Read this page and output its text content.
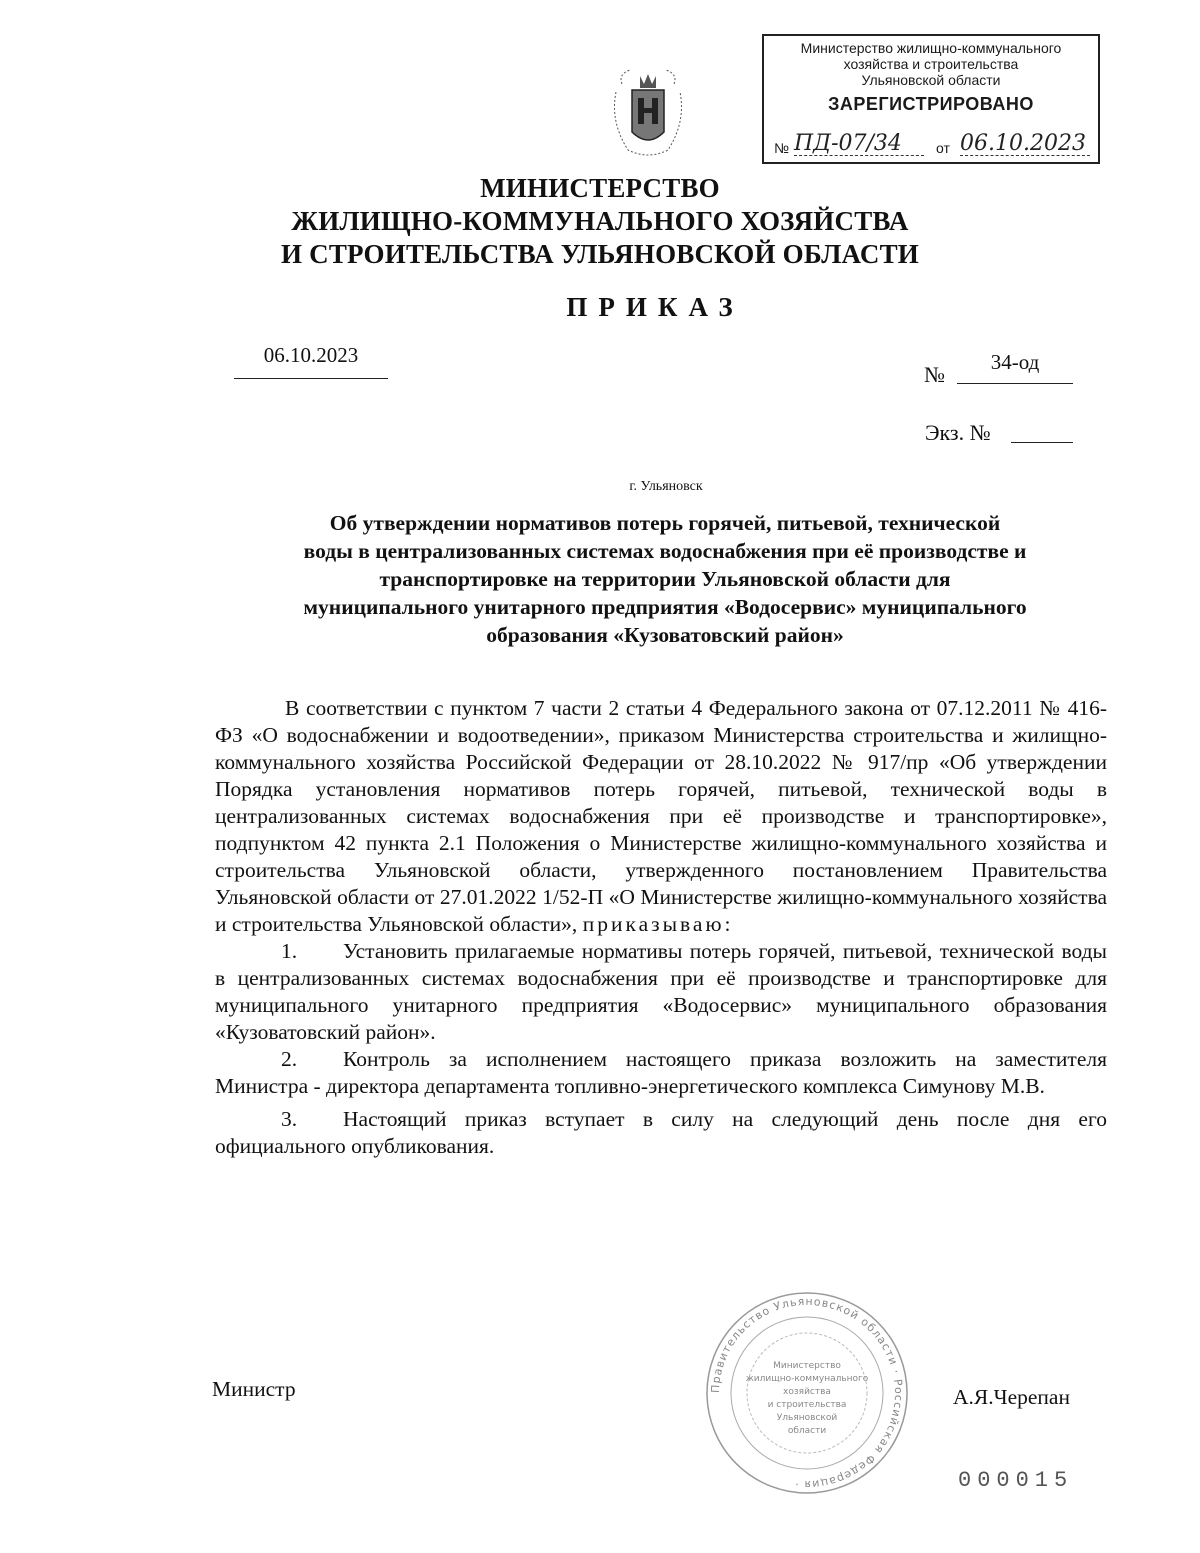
Министерство жилищно-коммунального
хозяйства и строительства
Ульяновской области
ЗАРЕГИСТРИРОВАНО
№ ПД-07/34	от 06.10.2023
МИНИСТЕРСТВО
ЖИЛИЩНО-КОММУНАЛЬНОГО ХОЗЯЙСТВА
И СТРОИТЕЛЬСТВА УЛЬЯНОВСКОЙ ОБЛАСТИ
ПРИКАЗ
06.10.2023
№	34-од
Экз. №
г. Ульяновск
Об утверждении нормативов потерь горячей, питьевой, технической
воды в централизованных системах водоснабжения при её производстве и
транспортировке на территории Ульяновской области для
муниципального унитарного предприятия «Водосервис» муниципального
образования «Кузоватовский район»

В соответствии с пунктом 7 части 2 статьи 4 Федерального закона от 07.12.2011 № 416-ФЗ «О водоснабжении и водоотведении», приказом Министерства строительства и жилищно-коммунального хозяйства Российской Федерации от 28.10.2022 № 917/пр «Об утверждении Порядка установления нормативов потерь горячей, питьевой, технической воды в централизованных системах водоснабжения при её производстве и транспортировке», подпунктом 42 пункта 2.1 Положения о Министерстве жилищно-коммунального хозяйства и строительства Ульяновской области, утвержденного постановлением Правительства Ульяновской области от 27.01.2022 1/52-П «О Министерстве жилищно-коммунального хозяйства и строительства Ульяновской области», приказываю:

1. Установить прилагаемые нормативы потерь горячей, питьевой, технической воды в централизованных системах водоснабжения при её производстве и транспортировке для муниципального унитарного предприятия «Водосервис» муниципального образования «Кузоватовский район».

2. Контроль за исполнением настоящего приказа возложить на заместителя Министра - директора департамента топливно-энергетического комплекса Симунову М.В.

3. Настоящий приказ вступает в силу на следующий день после дня его официального опубликования.

Министр	А.Я.Черепан
Правительство Ульяновской области · Российская Федерация ·
Министерство
жилищно-коммунального
хозяйства
и строительства
Ульяновской
области
000015
